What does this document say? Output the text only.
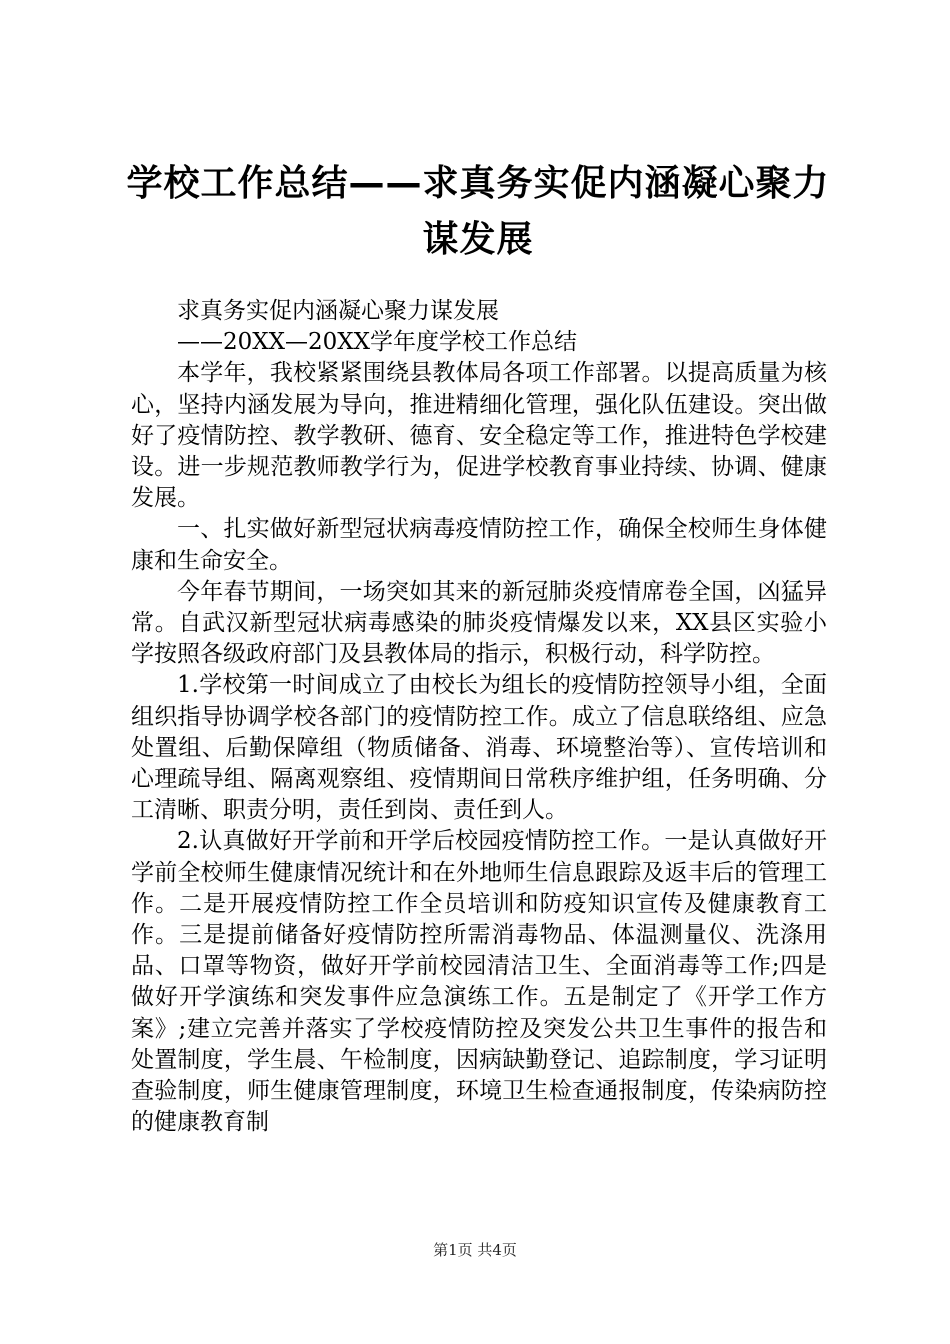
学校工作总结——求真务实促内涵凝心聚力谋发展

求真务实促内涵凝心聚力谋发展

——20XX—20XX学年度学校工作总结

本学年，我校紧紧围绕县教体局各项工作部署。以提高质量为核心，坚持内涵发展为导向，推进精细化管理，强化队伍建设。突出做好了疫情防控、教学教研、德育、安全稳定等工作，推进特色学校建设。进一步规范教师教学行为，促进学校教育事业持续、协调、健康发展。

一、扎实做好新型冠状病毒疫情防控工作，确保全校师生身体健康和生命安全。

今年春节期间，一场突如其来的新冠肺炎疫情席卷全国，凶猛异常。自武汉新型冠状病毒感染的肺炎疫情爆发以来，XX县区实验小学按照各级政府部门及县教体局的指示，积极行动，科学防控。

1.学校第一时间成立了由校长为组长的疫情防控领导小组，全面组织指导协调学校各部门的疫情防控工作。成立了信息联络组、应急处置组、后勤保障组（物质储备、消毒、环境整治等）、宣传培训和心理疏导组、隔离观察组、疫情期间日常秩序维护组，任务明确、分工清晰、职责分明，责任到岗、责任到人。

2.认真做好开学前和开学后校园疫情防控工作。一是认真做好开学前全校师生健康情况统计和在外地师生信息跟踪及返丰后的管理工作。二是开展疫情防控工作全员培训和防疫知识宣传及健康教育工作。三是提前储备好疫情防控所需消毒物品、体温测量仪、洗涤用品、口罩等物资，做好开学前校园清洁卫生、全面消毒等工作;四是做好开学演练和突发事件应急演练工作。五是制定了《开学工作方案》;建立完善并落实了学校疫情防控及突发公共卫生事件的报告和处置制度，学生晨、午检制度，因病缺勤登记、追踪制度，学习证明查验制度，师生健康管理制度，环境卫生检查通报制度，传染病防控的健康教育制

第1页 共4页
